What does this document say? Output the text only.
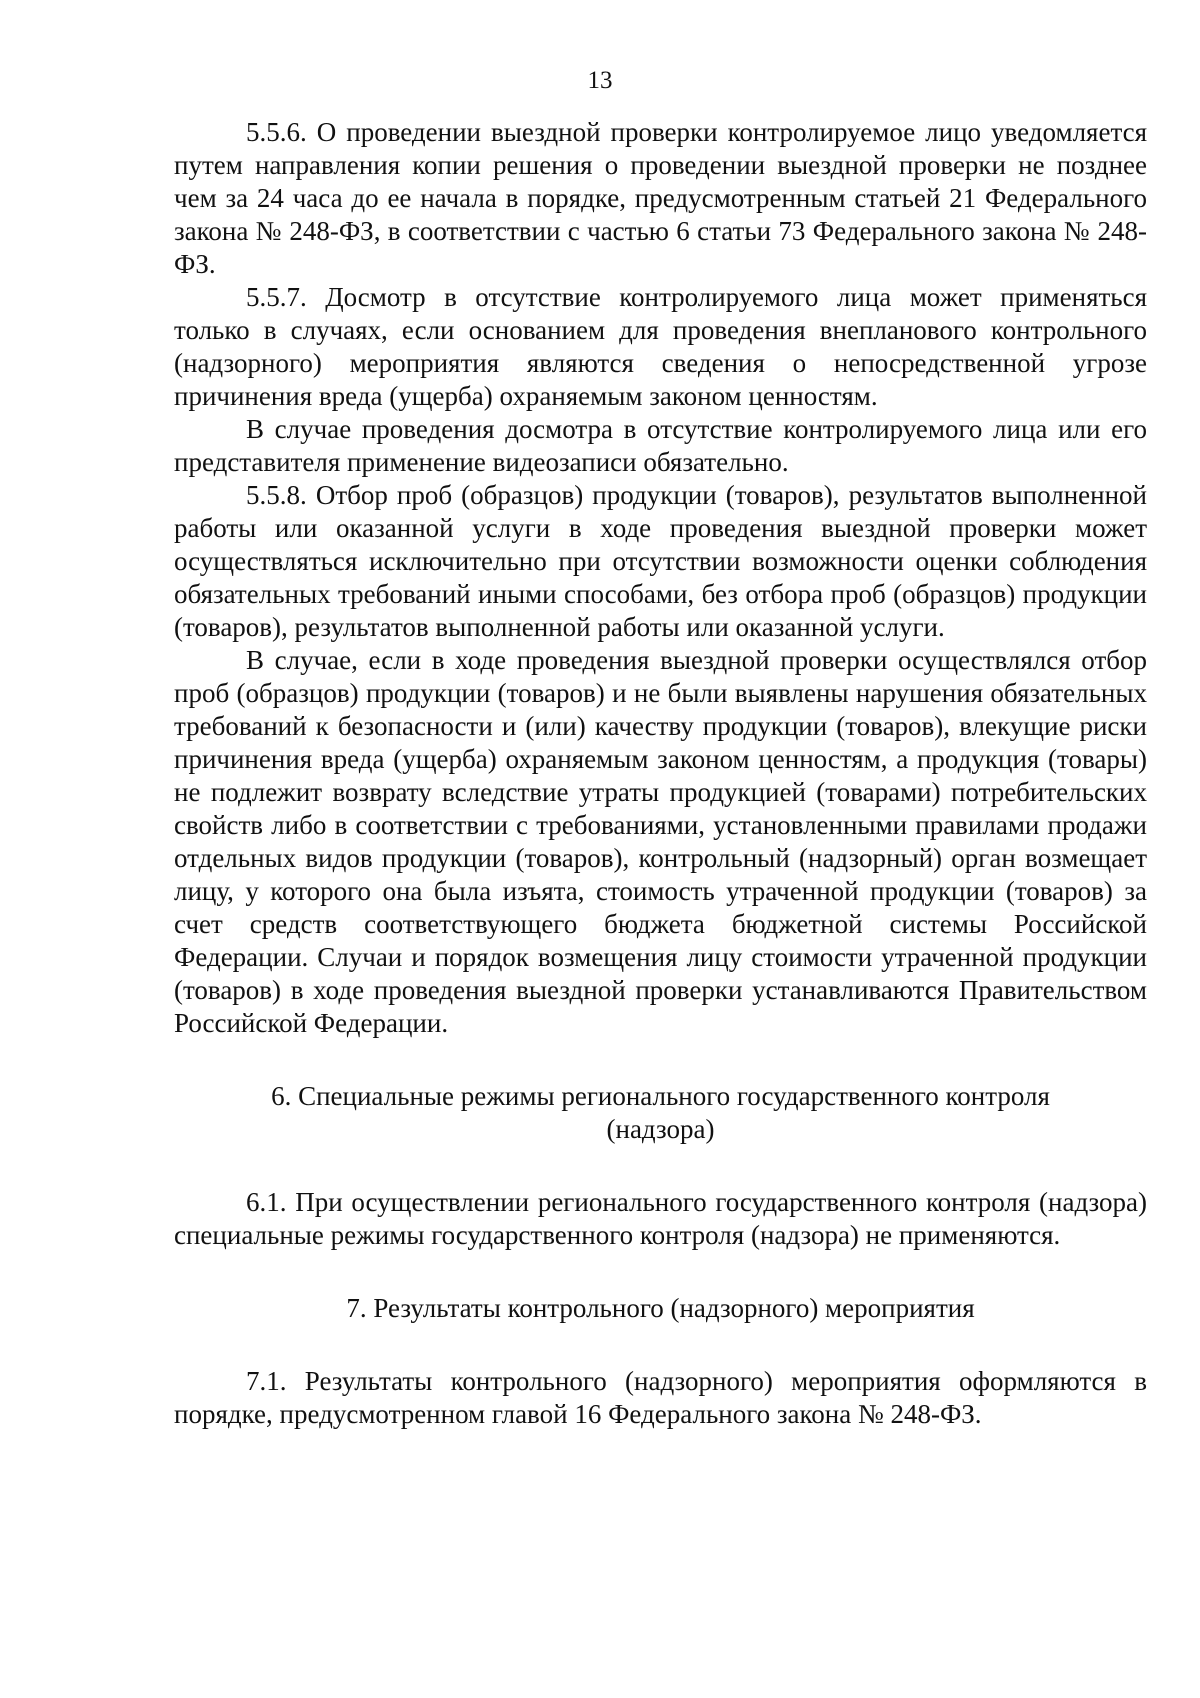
13

5.5.6. О проведении выездной проверки контролируемое лицо уведомляется путем направления копии решения о проведении выездной проверки не позднее чем за 24 часа до ее начала в порядке, предусмотренным статьей 21 Федерального закона № 248-ФЗ, в соответствии с частью 6 статьи 73 Федерального закона № 248-ФЗ.

5.5.7. Досмотр в отсутствие контролируемого лица может применяться только в случаях, если основанием для проведения внепланового контрольного (надзорного) мероприятия являются сведения о непосредственной угрозе причинения вреда (ущерба) охраняемым законом ценностям.

В случае проведения досмотра в отсутствие контролируемого лица или его представителя применение видеозаписи обязательно.

5.5.8. Отбор проб (образцов) продукции (товаров), результатов выполненной работы или оказанной услуги в ходе проведения выездной проверки может осуществляться исключительно при отсутствии возможности оценки соблюдения обязательных требований иными способами, без отбора проб (образцов) продукции (товаров), результатов выполненной работы или оказанной услуги.

В случае, если в ходе проведения выездной проверки осуществлялся отбор проб (образцов) продукции (товаров) и не были выявлены нарушения обязательных требований к безопасности и (или) качеству продукции (товаров), влекущие риски причинения вреда (ущерба) охраняемым законом ценностям, а продукция (товары) не подлежит возврату вследствие утраты продукцией (товарами) потребительских свойств либо в соответствии с требованиями, установленными правилами продажи отдельных видов продукции (товаров), контрольный (надзорный) орган возмещает лицу, у которого она была изъята, стоимость утраченной продукции (товаров) за счет средств соответствующего бюджета бюджетной системы Российской Федерации. Случаи и порядок возмещения лицу стоимости утраченной продукции (товаров) в ходе проведения выездной проверки устанавливаются Правительством Российской Федерации.

6. Специальные режимы регионального государственного контроля
(надзора)

6.1. При осуществлении регионального государственного контроля (надзора) специальные режимы государственного контроля (надзора) не применяются.

7. Результаты контрольного (надзорного) мероприятия

7.1. Результаты контрольного (надзорного) мероприятия оформляются в порядке, предусмотренном главой 16 Федерального закона № 248-ФЗ.
